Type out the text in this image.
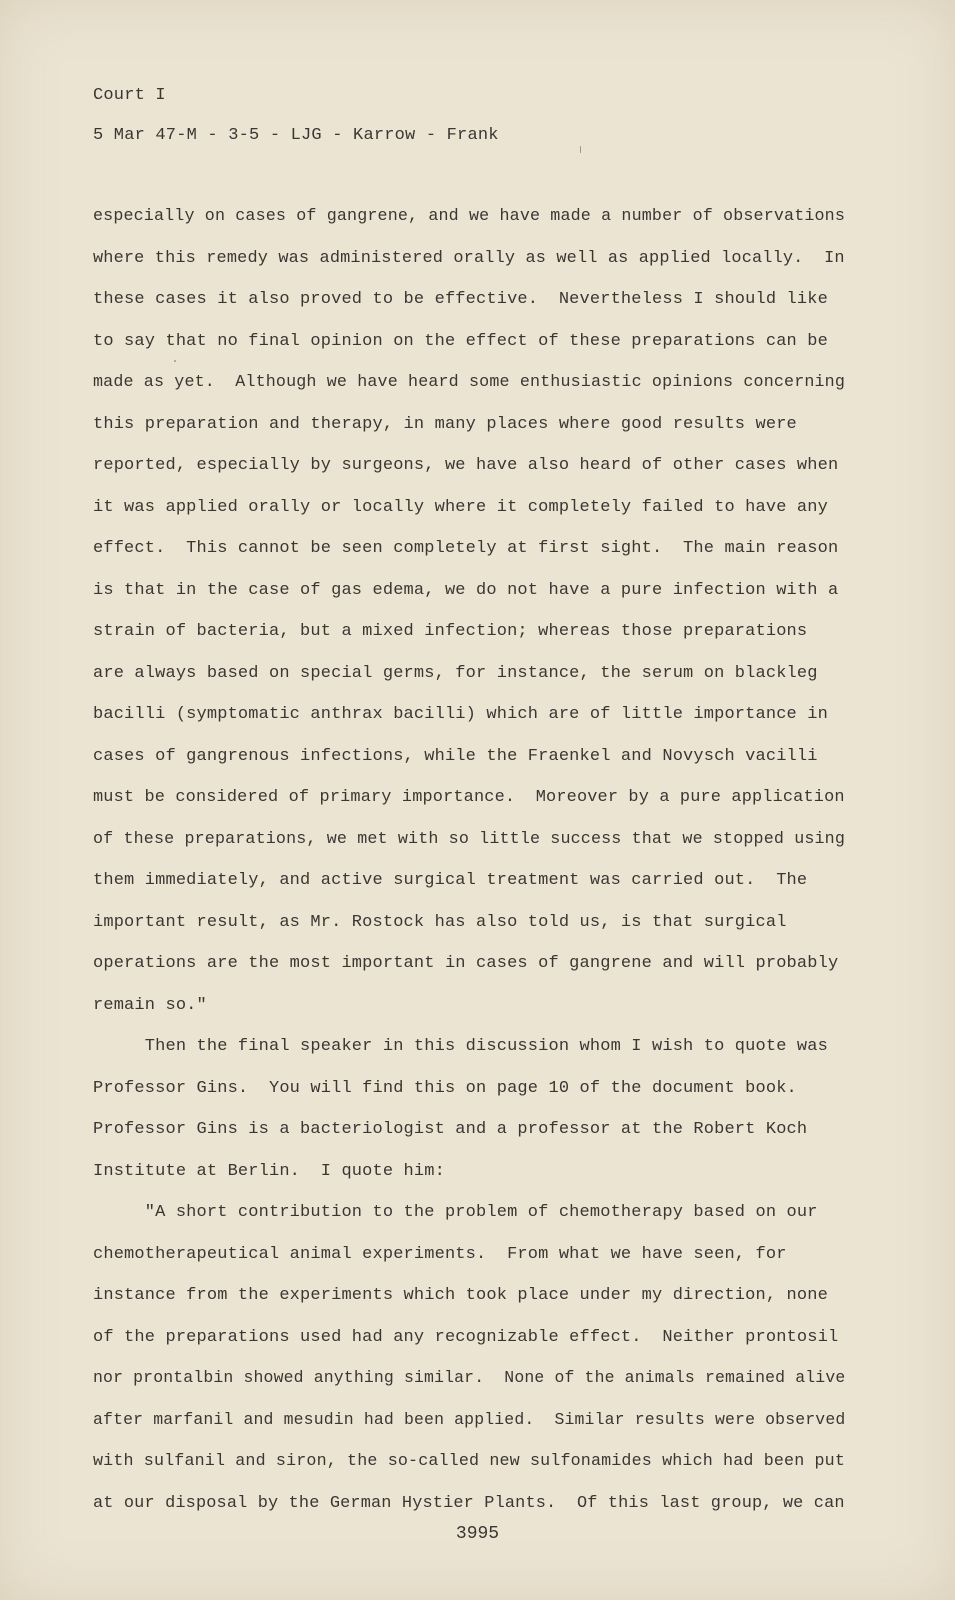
Court I
5 Mar 47-M - 3-5 - LJG - Karrow - Frank
especially on cases of gangrene, and we have made a number of observations
where this remedy was administered orally as well as applied locally.  In
these cases it also proved to be effective.  Nevertheless I should like
to say that no final opinion on the effect of these preparations can be
made as yet.  Although we have heard some enthusiastic opinions concerning
this preparation and therapy, in many places where good results were
reported, especially by surgeons, we have also heard of other cases when
it was applied orally or locally where it completely failed to have any
effect.  This cannot be seen completely at first sight.  The main reason
is that in the case of gas edema, we do not have a pure infection with a
strain of bacteria, but a mixed infection; whereas those preparations
are always based on special germs, for instance, the serum on blackleg
bacilli (symptomatic anthrax bacilli) which are of little importance in
cases of gangrenous infections, while the Fraenkel and Novysch vacilli
must be considered of primary importance.  Moreover by a pure application
of these preparations, we met with so little success that we stopped using
them immediately, and active surgical treatment was carried out.  The
important result, as Mr. Rostock has also told us, is that surgical
operations are the most important in cases of gangrene and will probably
remain so."
Then the final speaker in this discussion whom I wish to quote was
Professor Gins.  You will find this on page 10 of the document book.
Professor Gins is a bacteriologist and a professor at the Robert Koch
Institute at Berlin.  I quote him:
"A short contribution to the problem of chemotherapy based on our
chemotherapeutical animal experiments.  From what we have seen, for
instance from the experiments which took place under my direction, none
of the preparations used had any recognizable effect.  Neither prontosil
nor prontalbin showed anything similar.  None of the animals remained alive
after marfanil and mesudin had been applied.  Similar results were observed
with sulfanil and siron, the so-called new sulfonamides which had been put
at our disposal by the German Hystier Plants.  Of this last group, we can
3995
